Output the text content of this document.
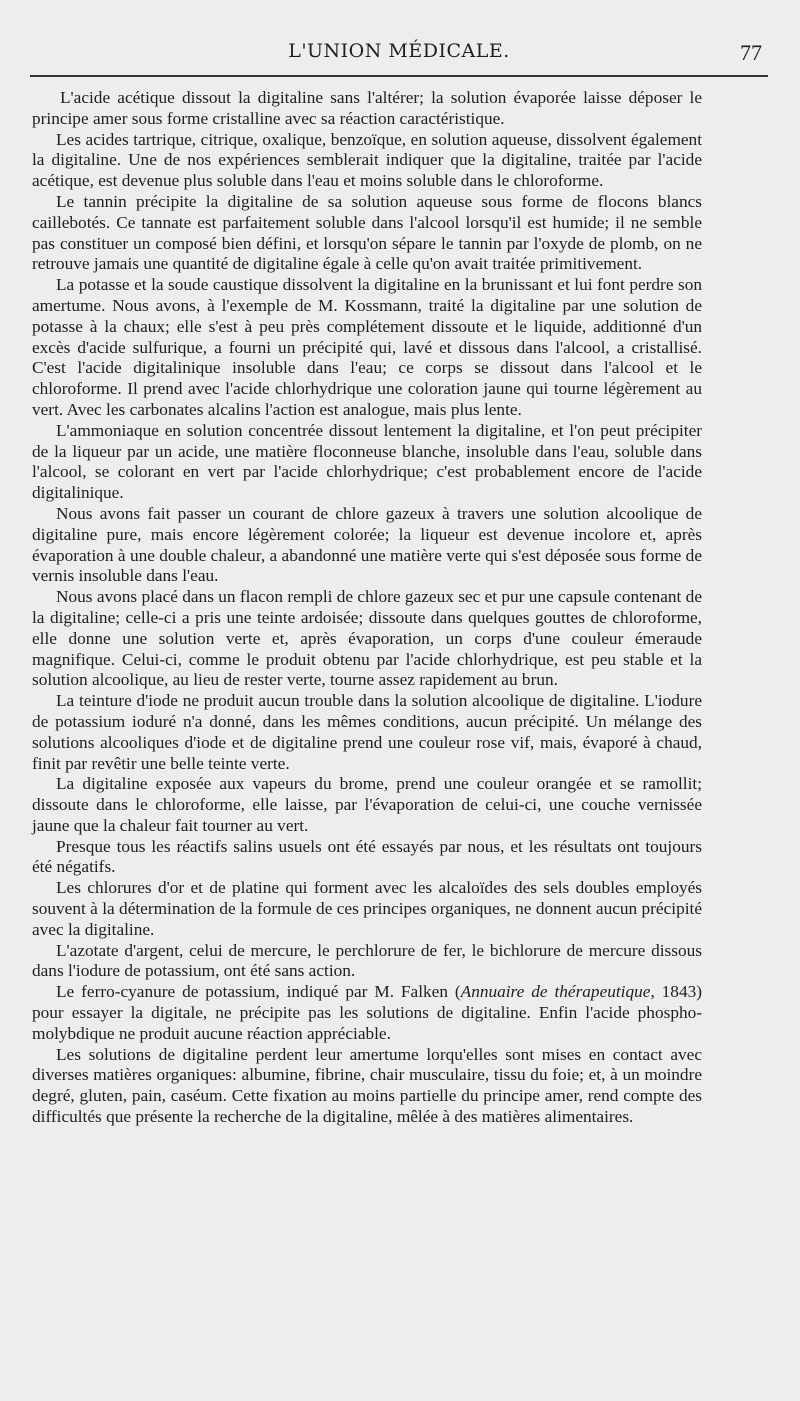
L'UNION MÉDICALE.	77

L'acide acétique dissout la digitaline sans l'altérer; la solution évaporée laisse déposer le principe amer sous forme cristalline avec sa réaction caractéristique.

Les acides tartrique, citrique, oxalique, benzoïque, en solution aqueuse, dissolvent également la digitaline. Une de nos expériences semblerait indiquer que la digitaline, traitée par l'acide acétique, est devenue plus soluble dans l'eau et moins soluble dans le chloroforme.

Le tannin précipite la digitaline de sa solution aqueuse sous forme de flocons blancs caillebotés. Ce tannate est parfaitement soluble dans l'alcool lorsqu'il est humide; il ne semble pas constituer un composé bien défini, et lorsqu'on sépare le tannin par l'oxyde de plomb, on ne retrouve jamais une quantité de digitaline égale à celle qu'on avait traitée primitivement.

La potasse et la soude caustique dissolvent la digitaline en la brunissant et lui font perdre son amertume. Nous avons, à l'exemple de M. Kossmann, traité la digitaline par une solution de potasse à la chaux; elle s'est à peu près complétement dissoute et le liquide, additionné d'un excès d'acide sulfurique, a fourni un précipité qui, lavé et dissous dans l'alcool, a cristallisé. C'est l'acide digitalinique insoluble dans l'eau; ce corps se dissout dans l'alcool et le chloroforme. Il prend avec l'acide chlorhydrique une coloration jaune qui tourne légèrement au vert. Avec les carbonates alcalins l'action est analogue, mais plus lente.

L'ammoniaque en solution concentrée dissout lentement la digitaline, et l'on peut précipiter de la liqueur par un acide, une matière floconneuse blanche, insoluble dans l'eau, soluble dans l'alcool, se colorant en vert par l'acide chlorhydrique; c'est probablement encore de l'acide digitalinique.

Nous avons fait passer un courant de chlore gazeux à travers une solution alcoolique de digitaline pure, mais encore légèrement colorée; la liqueur est devenue incolore et, après évaporation à une double chaleur, a abandonné une matière verte qui s'est déposée sous forme de vernis insoluble dans l'eau.

Nous avons placé dans un flacon rempli de chlore gazeux sec et pur une capsule contenant de la digitaline; celle-ci a pris une teinte ardoisée; dissoute dans quelques gouttes de chloroforme, elle donne une solution verte et, après évaporation, un corps d'une couleur émeraude magnifique. Celui-ci, comme le produit obtenu par l'acide chlorhydrique, est peu stable et la solution alcoolique, au lieu de rester verte, tourne assez rapidement au brun.

La teinture d'iode ne produit aucun trouble dans la solution alcoolique de digitaline. L'iodure de potassium ioduré n'a donné, dans les mêmes conditions, aucun précipité. Un mélange des solutions alcooliques d'iode et de digitaline prend une couleur rose vif, mais, évaporé à chaud, finit par revêtir une belle teinte verte.

La digitaline exposée aux vapeurs du brome, prend une couleur orangée et se ramollit; dissoute dans le chloroforme, elle laisse, par l'évaporation de celui-ci, une couche vernissée jaune que la chaleur fait tourner au vert.

Presque tous les réactifs salins usuels ont été essayés par nous, et les résultats ont toujours été négatifs.

Les chlorures d'or et de platine qui forment avec les alcaloïdes des sels doubles employés souvent à la détermination de la formule de ces principes organiques, ne donnent aucun précipité avec la digitaline.

L'azotate d'argent, celui de mercure, le perchlorure de fer, le bichlorure de mercure dissous dans l'iodure de potassium, ont été sans action.

Le ferro-cyanure de potassium, indiqué par M. Falken (Annuaire de thérapeutique, 1843) pour essayer la digitale, ne précipite pas les solutions de digitaline. Enfin l'acide phospho-molybdique ne produit aucune réaction appréciable.

Les solutions de digitaline perdent leur amertume lorqu'elles sont mises en contact avec diverses matières organiques: albumine, fibrine, chair musculaire, tissu du foie; et, à un moindre degré, gluten, pain, caséum. Cette fixation au moins partielle du principe amer, rend compte des difficultés que présente la recherche de la digitaline, mêlée à des matières alimentaires.
